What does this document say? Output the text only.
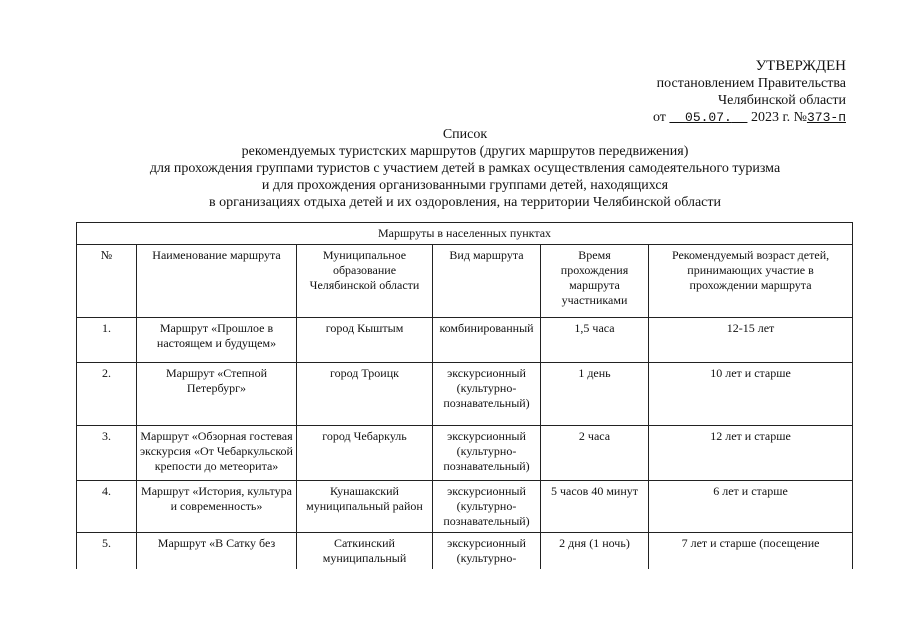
УТВЕРЖДЕН
постановлением Правительства
Челябинской области
от 05.07. 2023 г. №373-п
Список
рекомендуемых туристских маршрутов (других маршрутов передвижения)
для прохождения группами туристов с участием детей в рамках осуществления самодеятельного туризма
и для прохождения организованными группами детей, находящихся
в организациях отдыха детей и их оздоровления, на территории Челябинской области
Маршруты в населенных пунктах					
№	Наименование маршрута	Муниципальное образование Челябинской области	Вид маршрута	Время прохождения маршрута участниками	Рекомендуемый возраст детей, принимающих участие в прохождении маршрута
1.	Маршрут «Прошлое в настоящем и будущем»	город Кыштым	комбинированный	1,5 часа	12-15 лет
2.	Маршрут «Степной Петербург»	город Троицк	экскурсионный (культурно-познавательный)	1 день	10 лет и старше
3.	Маршрут «Обзорная гостевая экскурсия «От Чебаркульской крепости до метеорита»	город Чебаркуль	экскурсионный (культурно-познавательный)	2 часа	12 лет и старше
4.	Маршрут «История, культура и современность»	Кунашакский муниципальный район	экскурсионный (культурно-познавательный)	5 часов 40 минут	6 лет и старше
5.	Маршрут «В Сатку без	Саткинский муниципальный	экскурсионный (культурно-	2 дня (1 ночь)	7 лет и старше (посещение
